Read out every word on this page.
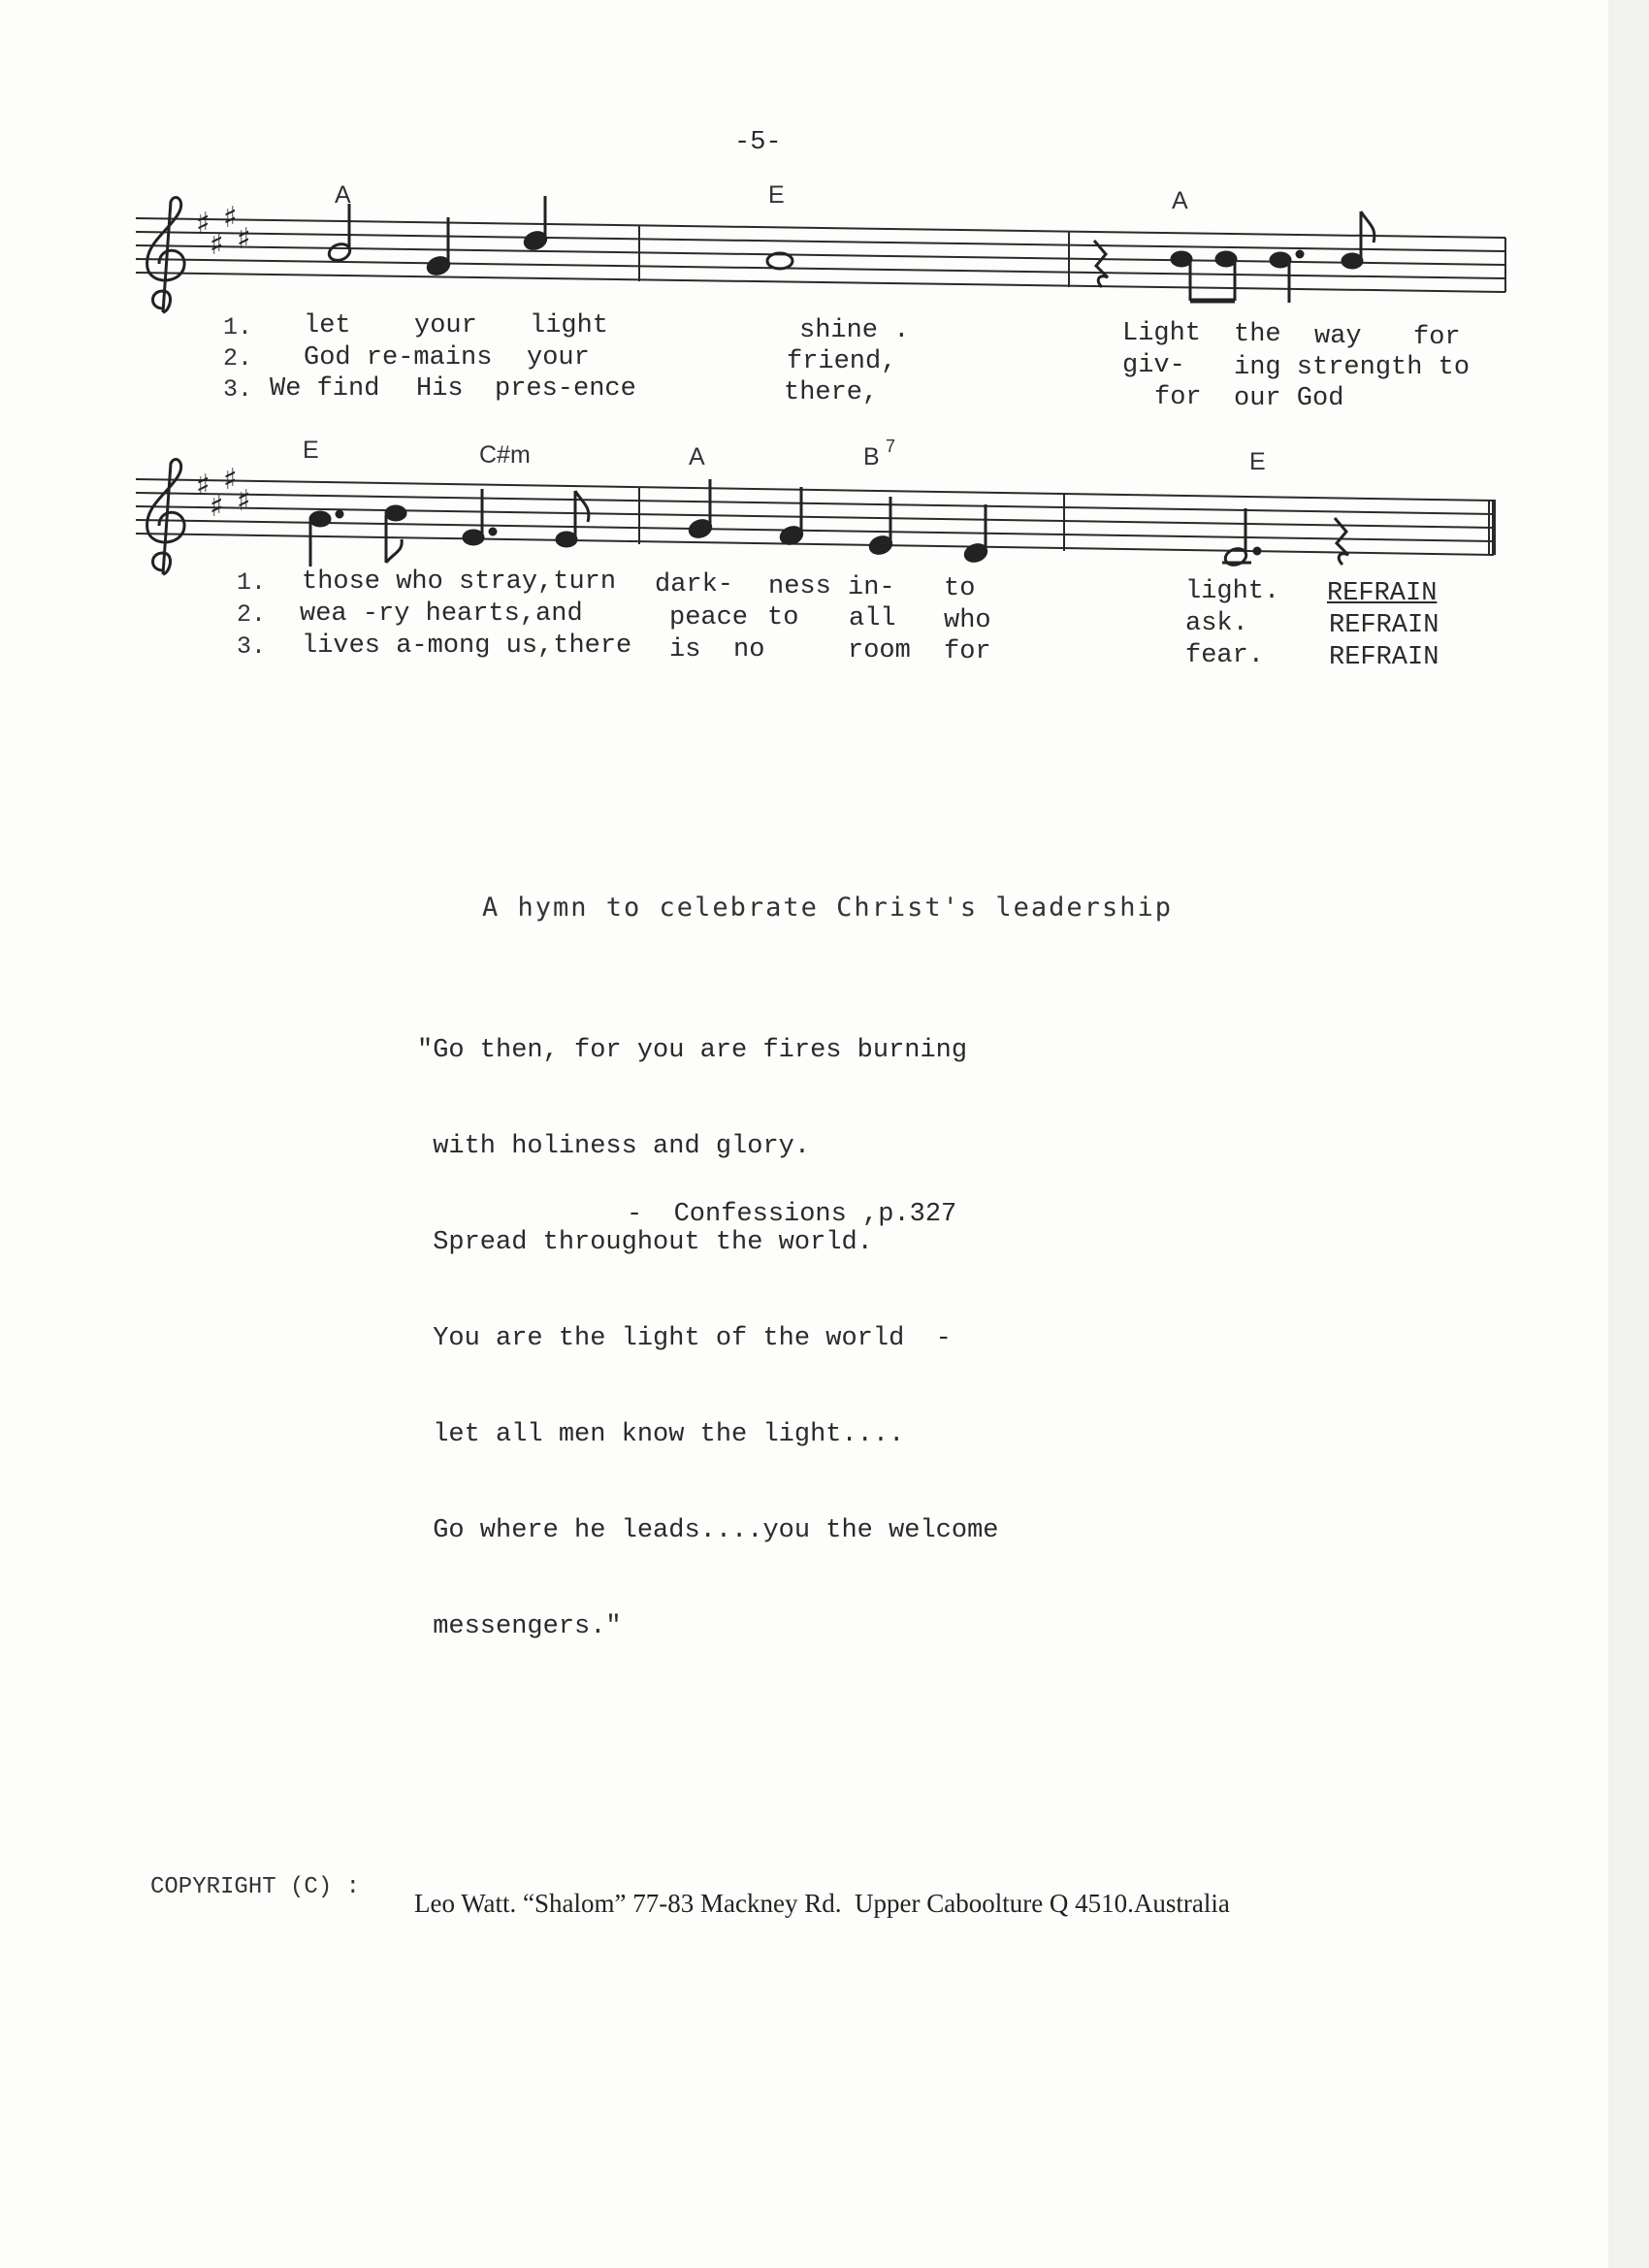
-5-
A	E	A
♯
♯
♯
♯
1. let your light	shine .	Light the way for
2. God re-mains your	friend,	giv- ing strength to
3. We find His pres-ence	there,	for our God
E	C#m	A	B 7
E
♯
♯
♯
♯
1. those who stray,turn dark- ness in- to	light. REFRAIN
2. wea -ry hearts,and	peace to all who	ask.	REFRAIN
3. lives a-mong us,there is no	room for	fear. REFRAIN
A hymn to celebrate Christ's leadership

"Go then, for you are fires burning

with holiness and glory.

Spread throughout the world.

You are the light of the world  -

let all men know the light....

Go where he leads....you the welcome

messengers."

-  Confessions ,p.327
COPYRIGHT (C) :
Leo Watt. “Shalom” 77-83 Mackney Rd.  Upper Caboolture Q 4510.Australia
